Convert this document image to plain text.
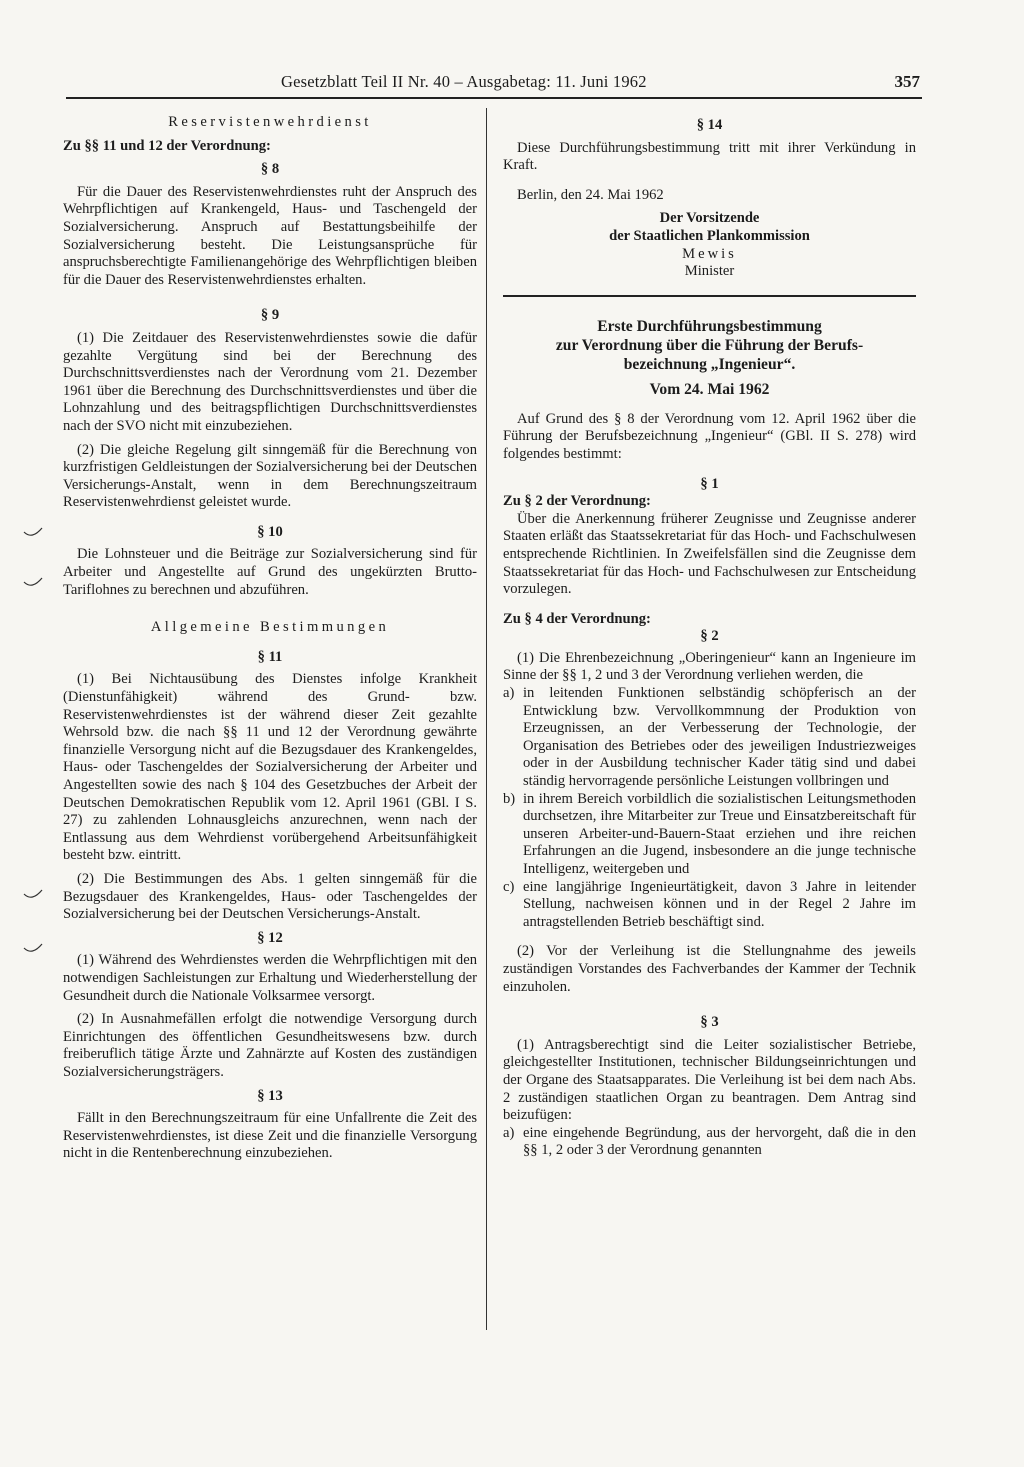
Gesetzblatt Teil II Nr. 40 – Ausgabetag: 11. Juni 1962	357
Reservistenwehrdienst
Zu §§ 11 und 12 der Verordnung:
§ 8

Für die Dauer des Reservistenwehrdienstes ruht der Anspruch des Wehrpflichtigen auf Krankengeld, Haus- und Taschengeld der Sozialversicherung. Anspruch auf Bestattungsbeihilfe der Sozialversicherung besteht. Die Leistungsansprüche für anspruchsberechtigte Familienangehörige des Wehrpflichtigen bleiben für die Dauer des Reservistenwehrdienstes erhalten.

§ 9

(1) Die Zeitdauer des Reservistenwehrdienstes sowie die dafür gezahlte Vergütung sind bei der Berechnung des Durchschnittsverdienstes nach der Verordnung vom 21. Dezember 1961 über die Berechnung des Durchschnittsverdienstes und über die Lohnzahlung und des beitragspflichtigen Durchschnittsverdienstes nach der SVO nicht mit einzubeziehen.

(2) Die gleiche Regelung gilt sinngemäß für die Berechnung von kurzfristigen Geldleistungen der Sozialversicherung bei der Deutschen Versicherungs-Anstalt, wenn in dem Berechnungszeitraum Reservistenwehrdienst geleistet wurde.

§ 10

Die Lohnsteuer und die Beiträge zur Sozialversicherung sind für Arbeiter und Angestellte auf Grund des ungekürzten Brutto-Tariflohnes zu berechnen und abzuführen.

Allgemeine Bestimmungen
§ 11

(1) Bei Nichtausübung des Dienstes infolge Krankheit (Dienstunfähigkeit) während des Grund- bzw. Reservistenwehrdienstes ist der während dieser Zeit gezahlte Wehrsold bzw. die nach §§ 11 und 12 der Verordnung gewährte finanzielle Versorgung nicht auf die Bezugsdauer des Krankengeldes, Haus- oder Taschengeldes der Sozialversicherung der Arbeiter und Angestellten sowie des nach § 104 des Gesetzbuches der Arbeit der Deutschen Demokratischen Republik vom 12. April 1961 (GBl. I S. 27) zu zahlenden Lohnausgleichs anzurechnen, wenn nach der Entlassung aus dem Wehrdienst vorübergehend Arbeitsunfähigkeit besteht bzw. eintritt.

(2) Die Bestimmungen des Abs. 1 gelten sinngemäß für die Bezugsdauer des Krankengeldes, Haus- oder Taschengeldes der Sozialversicherung bei der Deutschen Versicherungs-Anstalt.

§ 12

(1) Während des Wehrdienstes werden die Wehrpflichtigen mit den notwendigen Sachleistungen zur Erhaltung und Wiederherstellung der Gesundheit durch die Nationale Volksarmee versorgt.

(2) In Ausnahmefällen erfolgt die notwendige Versorgung durch Einrichtungen des öffentlichen Gesundheitswesens bzw. durch freiberuflich tätige Ärzte und Zahnärzte auf Kosten des zuständigen Sozialversicherungsträgers.

§ 13

Fällt in den Berechnungszeitraum für eine Unfallrente die Zeit des Reservistenwehrdienstes, ist diese Zeit und die finanzielle Versorgung nicht in die Rentenberechnung einzubeziehen.

§ 14

Diese Durchführungsbestimmung tritt mit ihrer Verkündung in Kraft.

Berlin, den 24. Mai 1962

Der Vorsitzende
der Staatlichen Plankommission
Mewis
Minister
Erste Durchführungsbestimmung
zur Verordnung über die Führung der Berufs-
bezeichnung „Ingenieur“.
Vom 24. Mai 1962

Auf Grund des § 8 der Verordnung vom 12. April 1962 über die Führung der Berufsbezeichnung „Ingenieur“ (GBl. II S. 278) wird folgendes bestimmt:

§ 1
Zu § 2 der Verordnung:

Über die Anerkennung früherer Zeugnisse und Zeugnisse anderer Staaten erläßt das Staatssekretariat für das Hoch- und Fachschulwesen entsprechende Richtlinien. In Zweifelsfällen sind die Zeugnisse dem Staatssekretariat für das Hoch- und Fachschulwesen zur Entscheidung vorzulegen.

Zu § 4 der Verordnung:
§ 2

(1) Die Ehrenbezeichnung „Oberingenieur“ kann an Ingenieure im Sinne der §§ 1, 2 und 3 der Verordnung verliehen werden, die

a) in leitenden Funktionen selbständig schöpferisch an der Entwicklung bzw. Vervollkommnung der Produktion von Erzeugnissen, an der Verbesserung der Technologie, der Organisation des Betriebes oder des jeweiligen Industriezweiges oder in der Ausbildung technischer Kader tätig sind und dabei ständig hervorragende persönliche Leistungen vollbringen und
b) in ihrem Bereich vorbildlich die sozialistischen Leitungsmethoden durchsetzen, ihre Mitarbeiter zur Treue und Einsatzbereitschaft für unseren Arbeiter-und-Bauern-Staat erziehen und ihre reichen Erfahrungen an die Jugend, insbesondere an die junge technische Intelligenz, weitergeben und
c) eine langjährige Ingenieurtätigkeit, davon 3 Jahre in leitender Stellung, nachweisen können und in der Regel 2 Jahre im antragstellenden Betrieb beschäftigt sind.

(2) Vor der Verleihung ist die Stellungnahme des jeweils zuständigen Vorstandes des Fachverbandes der Kammer der Technik einzuholen.

§ 3

(1) Antragsberechtigt sind die Leiter sozialistischer Betriebe, gleichgestellter Institutionen, technischer Bildungseinrichtungen und der Organe des Staatsapparates. Die Verleihung ist bei dem nach Abs. 2 zuständigen staatlichen Organ zu beantragen. Dem Antrag sind beizufügen:

a) eine eingehende Begründung, aus der hervorgeht, daß die in den §§ 1, 2 oder 3 der Verordnung genannten
